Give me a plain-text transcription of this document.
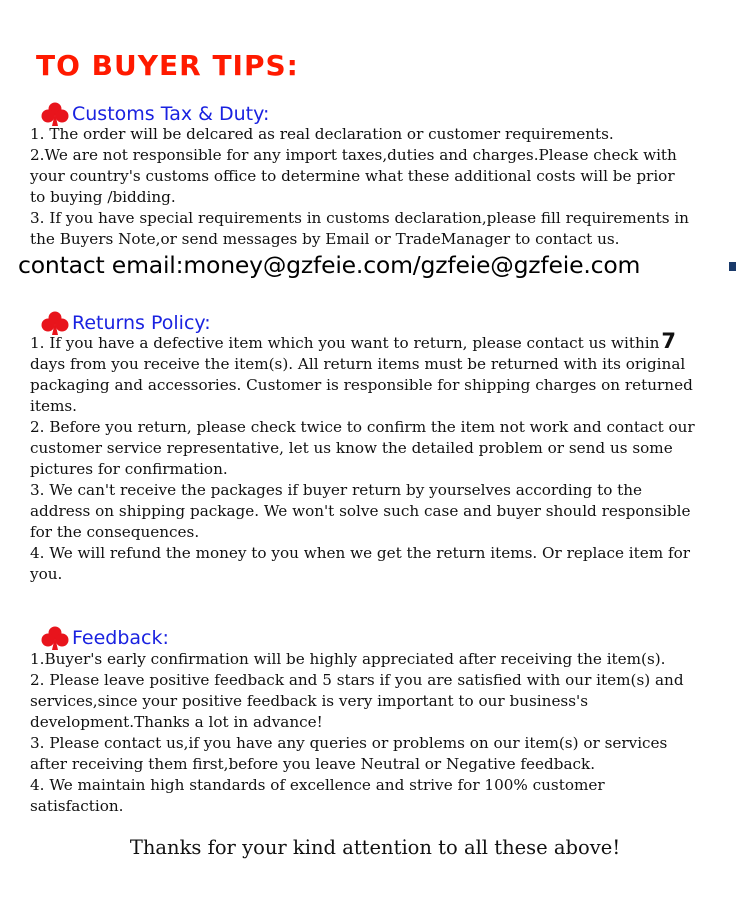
TO BUYER TIPS:
Customs Tax & Duty:

1. The order will be delcared as real declaration or customer requirements.

2.We are not responsible for any import taxes,duties and charges.Please check with

your country's customs office to determine what these additional costs will be prior

to buying /bidding.

3. If you have special requirements in customs declaration,please fill requirements in

the Buyers Note,or send messages by Email or TradeManager to contact us.

contact email:money@gzfeie.com/gzfeie@gzfeie.com

Returns Policy:

1. If you have a defective item which you want to return, please contact us within7

days from you receive the item(s). All return items must be returned with its original

packaging and accessories. Customer is responsible for shipping charges on returned

items.

2. Before you return, please check twice to confirm the item not work and contact our

customer service representative, let us know the detailed problem or send us some

pictures for confirmation.

3. We can't receive the packages if buyer return by yourselves according to the

address on shipping package. We won't solve such case and buyer should responsible

for the consequences.

4. We will refund the money to you when we get the return items. Or replace item for

you.

Feedback:

1.Buyer's early confirmation will be highly appreciated after receiving the item(s).

2. Please leave positive feedback and 5 stars if you are satisfied with our item(s) and

services,since your positive feedback is very important to our business's

development.Thanks a lot in advance!

3. Please contact us,if you have any queries or problems on our item(s) or services

after receiving them first,before you leave Neutral or Negative feedback.

4. We maintain high standards of excellence and strive for 100% customer

satisfaction.

Thanks for your kind attention to all these above!
